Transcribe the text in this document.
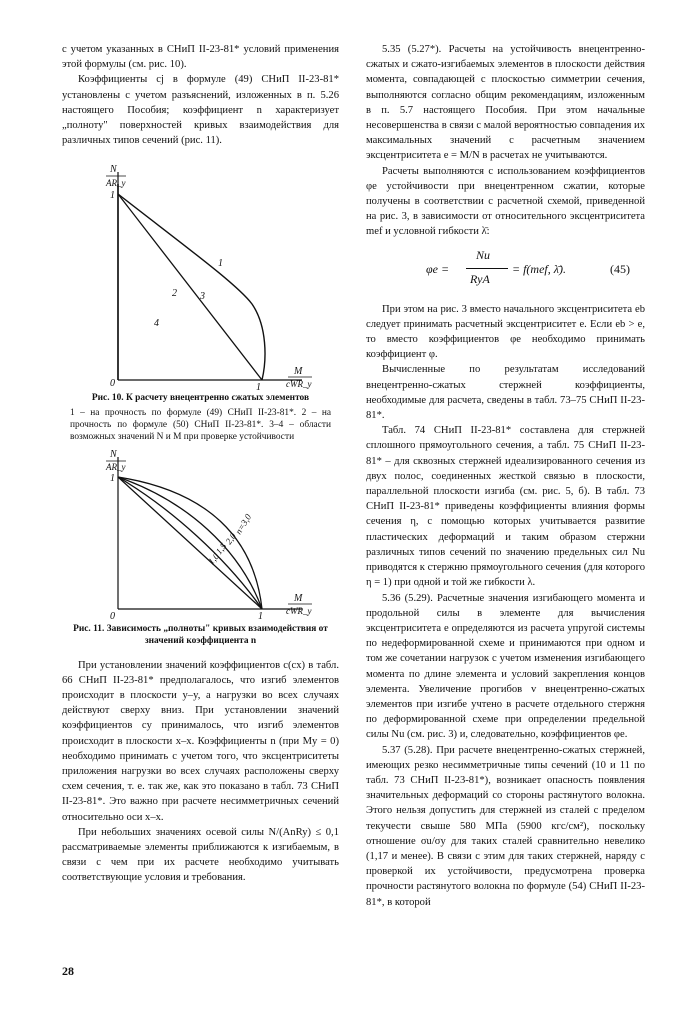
с учетом указанных в СНиП II-23-81* условий применения этой формулы (см. рис. 10).

Коэффициенты cj в формуле (49) СНиП II-23-81* установлены с учетом разъяснений, изложенных в п. 5.26 настоящего Пособия; коэффициент n характеризует „полноту" поверхностей кривых взаимодействия для различных типов сечений (рис. 11).

N
AR_y
1
0	1
M
cWR_y
1
2 3
4
Рис. 10. К расчету внецентренно сжатых элементов
1 – на прочность по формуле (49) СНиП II-23-81*. 2 – на прочность по формуле (50) СНиП II-23-81*. 3–4 – области возможных значений N и M при проверке устойчивости
N
AR_y
1
0	1
M
cWR_y
n=3,0
2,0
1,5
1,0
Рис. 11. Зависимость „полноты" кривых взаимодействия от значений коэффициента n

При установлении значений коэффициентов c(cx) в табл. 66 СНиП II-23-81* предполагалось, что изгиб элементов происходит в плоскости y–y, а нагрузки во всех случаях действуют сверху вниз. При установлении значений коэффициентов cy принималось, что изгиб элементов происходит в плоскости x–x. Коэффициенты n (при My = 0) необходимо принимать с учетом того, что эксцентриситеты приложения нагрузки во всех случаях расположены сверху схем сечения, т. е. так же, как это показано в табл. 73 СНиП II-23-81*. Это важно при расчете несимметричных сечений относительно оси x–x.

При небольших значениях осевой силы N/(AnRy) ≤ 0,1 рассматриваемые элементы приближаются к изгибаемым, в связи с чем при их расчете необходимо учитывать соответствующие условия и требования.

5.35 (5.27*). Расчеты на устойчивость внецентренно-сжатых и сжато-изгибаемых элементов в плоскости действия момента, совпадающей с плоскостью симметрии сечения, выполняются согласно общим рекомендациям, изложенным в п. 5.7 настоящего Пособия. При этом начальные несовершенства в связи с малой вероятностью совпадения их максимальных значений с расчетным значением эксцентриситета e = M/N в расчетах не учитываются.

Расчеты выполняются с использованием коэффициентов φe устойчивости при внецентренном сжатии, которые получены в соответствии с расчетной схемой, приведенной на рис. 3, в зависимости от относительного эксцентриситета mef и условной гибкости λ̄:

φe =
Nu
RyA
= f(mef, λ̄).	(45)

При этом на рис. 3 вместо начального эксцентриситета eb следует принимать расчетный эксцентриситет e. Если eb > e, то вместо коэффициентов φe необходимо принимать коэффициент φ.

Вычисленные по результатам исследований внецентренно-сжатых стержней коэффициенты, необходимые для расчета, сведены в табл. 73–75 СНиП II-23-81*.

Табл. 74 СНиП II-23-81* составлена для стержней сплошного прямоугольного сечения, а табл. 75 СНиП II-23-81* – для сквозных стержней идеализированного сечения из двух полос, соединенных жесткой связью в плоскости, параллельной плоскости изгиба (см. рис. 5, б). В табл. 73 СНиП II-23-81* приведены коэффициенты влияния формы сечения η, с помощью которых учитывается развитие пластических деформаций и таким образом стержни различных типов сечений по значению предельных сил Nu приводятся к стержню прямоугольного сечения (для которого η = 1) при одной и той же гибкости λ.

5.36 (5.29). Расчетные значения изгибающего момента и продольной силы в элементе для вычисления эксцентриситета e определяются из расчета упругой системы по недеформированной схеме и принимаются при одном и том же сочетании нагрузок с учетом изменения изгибающего момента по длине элемента и условий закрепления концов элемента. Увеличение прогибов v внецентренно-сжатых элементов при изгибе учтено в расчете отдельного стержня по деформированной схеме при определении предельной силы Nu (см. рис. 3) и, следовательно, коэффициентов φe.

5.37 (5.28). При расчете внецентренно-сжатых стержней, имеющих резко несимметричные типы сечений (10 и 11 по табл. 73 СНиП II-23-81*), возникает опасность появления значительных деформаций со стороны растянутого волокна. Этого нельзя допустить для стержней из сталей с пределом текучести свыше 580 МПа (5900 кгс/см²), поскольку отношение σu/σy для таких сталей сравнительно невелико (1,17 и менее). В связи с этим для таких стержней, наряду с проверкой их устойчивости, предусмотрена проверка прочности растянутого волокна по формуле (54) СНиП II-23-81*, в которой

28
